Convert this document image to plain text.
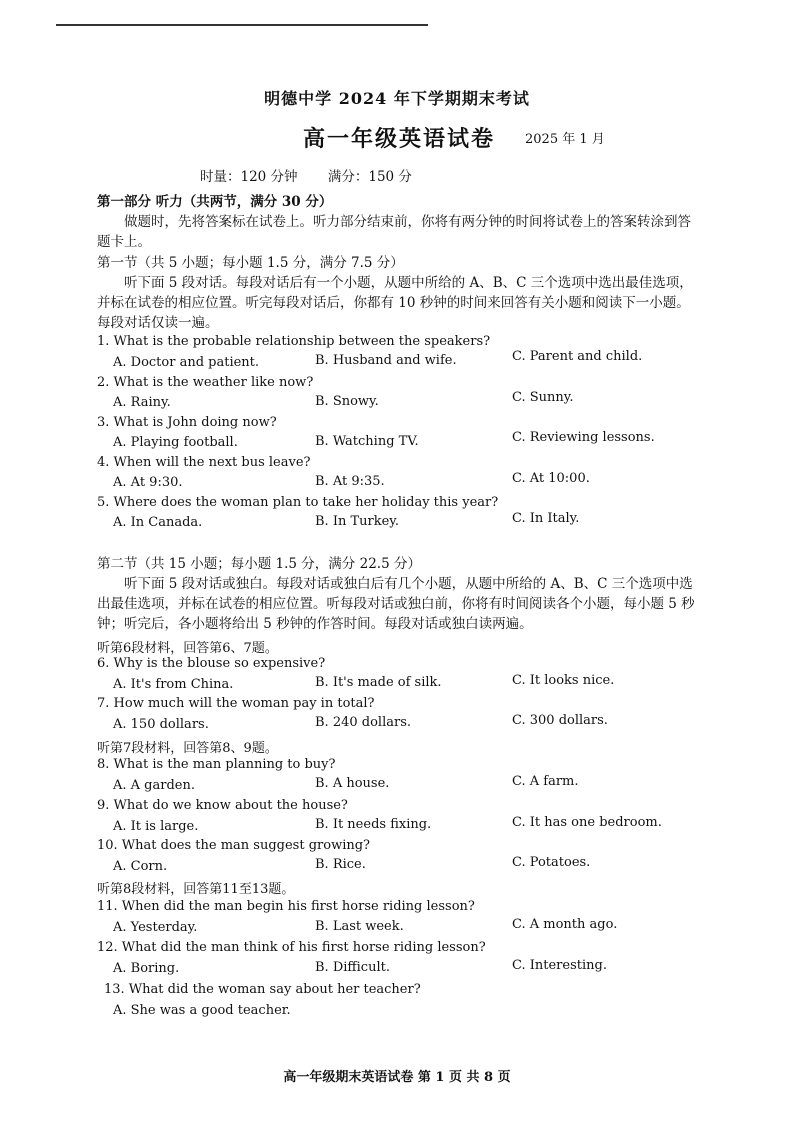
明德中学 2024 年下学期期末考试
高一年级英语试卷 2025 年 1 月
时量：120 分钟 满分：150 分
第一部分 听力（共两节，满分 30 分）

做题时，先将答案标在试卷上。听力部分结束前，你将有两分钟的时间将试卷上的答案转涂到答题卡上。

第一节（共 5 小题；每小题 1.5 分，满分 7.5 分）

听下面 5 段对话。每段对话后有一个小题，从题中所给的 A、B、C 三个选项中选出最佳选项，并标在试卷的相应位置。听完每段对话后，你都有 10 秒钟的时间来回答有关小题和阅读下一小题。每段对话仅读一遍。

1. What is the probable relationship between the speakers?
A. Doctor and patient.	B. Husband and wife.	C. Parent and child.
2. What is the weather like now?
A. Rainy.	B. Snowy.	C. Sunny.
3. What is John doing now?
A. Playing football.	B. Watching TV.	C. Reviewing lessons.
4. When will the next bus leave?
A. At 9:30.	B. At 9:35.	C. At 10:00.
5. Where does the woman plan to take her holiday this year?
A. In Canada.	B. In Turkey.	C. In Italy.

第二节（共 15 小题；每小题 1.5 分，满分 22.5 分）

听下面 5 段对话或独白。每段对话或独白后有几个小题，从题中所给的 A、B、C 三个选项中选出最佳选项，并标在试卷的相应位置。听每段对话或独白前，你将有时间阅读各个小题，每小题 5 秒钟；听完后，各小题将给出 5 秒钟的作答时间。每段对话或独白读两遍。

听第6段材料，回答第6、7题。
6. Why is the blouse so expensive?
A. It's from China.	B. It's made of silk.	C. It looks nice.
7. How much will the woman pay in total?
A. 150 dollars.	B. 240 dollars.	C. 300 dollars.
听第7段材料，回答第8、9题。
8. What is the man planning to buy?
A. A garden.	B. A house.	C. A farm.
9. What do we know about the house?
A. It is large.	B. It needs fixing.	C. It has one bedroom.
10. What does the man suggest growing?
A. Corn.	B. Rice.	C. Potatoes.
听第8段材料，回答第11至13题。
11. When did the man begin his first horse riding lesson?
A. Yesterday.	B. Last week.	C. A month ago.
12. What did the man think of his first horse riding lesson?
A. Boring.	B. Difficult.	C. Interesting.
13. What did the woman say about her teacher?
A. She was a good teacher.
高一年级期末英语试卷 第 1 页 共 8 页
